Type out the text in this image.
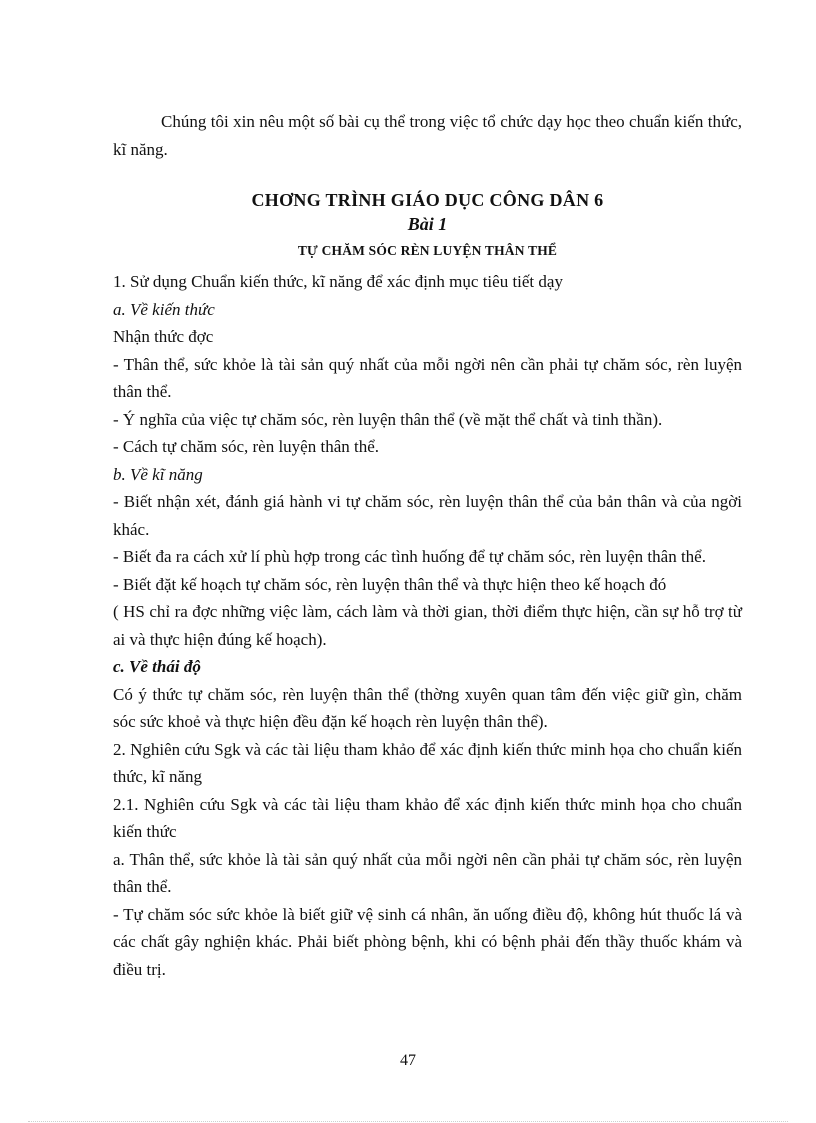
Chúng tôi xin nêu một số bài cụ thể trong việc tổ chức dạy học theo chuẩn kiến thức, kĩ năng.

CHƠNG TRÌNH GIÁO DỤC CÔNG DÂN 6
Bài 1
TỰ CHĂM SÓC RÈN LUYỆN THÂN THỂ

1. Sử dụng Chuẩn kiến thức, kĩ năng để xác định mục tiêu tiết dạy

a. Về kiến thức

Nhận thức đợc

- Thân thể, sức khỏe là tài sản quý nhất của mỗi ngời nên cần phải tự chăm sóc, rèn luyện thân thể.

- Ý nghĩa của việc tự chăm sóc, rèn luyện thân thể (về mặt thể chất và tinh thần).

- Cách tự chăm sóc, rèn luyện thân thể.

b. Về kĩ năng

- Biết nhận xét, đánh giá hành vi tự chăm sóc, rèn luyện thân thể của bản thân và của ngời khác.

- Biết đa ra cách xử lí phù hợp trong các tình huống để tự chăm sóc, rèn luyện thân thể.

- Biết đặt kế hoạch tự chăm sóc, rèn luyện thân thể và thực hiện theo kế hoạch đó

( HS chỉ ra đợc những việc làm, cách làm và thời gian, thời điểm thực hiện, cần sự hỗ trợ từ ai và thực hiện đúng kế hoạch).

c. Về thái độ

Có ý thức tự chăm sóc, rèn luyện thân thể (thờng xuyên quan tâm đến việc giữ gìn, chăm sóc sức khoẻ và thực hiện đều đặn kế hoạch rèn luyện thân thể).

2. Nghiên cứu Sgk và các tài liệu tham khảo để xác định kiến thức minh họa cho chuẩn kiến thức, kĩ năng

2.1. Nghiên cứu Sgk và các tài liệu tham khảo để xác định kiến thức minh họa cho chuẩn kiến thức

a. Thân thể, sức khỏe là tài sản quý nhất của mỗi ngời nên cần phải tự chăm sóc, rèn luyện thân thể.

- Tự chăm sóc sức khỏe là biết giữ vệ sinh cá nhân, ăn uống điều độ, không hút thuốc lá và các chất gây nghiện khác. Phải biết phòng bệnh, khi có bệnh phải đến thầy thuốc khám và điều trị.

47
